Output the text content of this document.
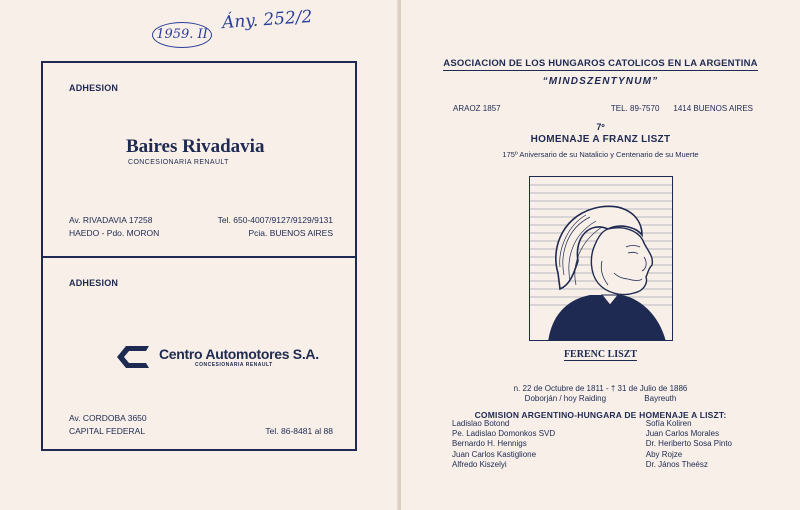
1959. II
Ány. 252/2
ADHESION
Baires Rivadavia
CONCESIONARIA RENAULT
Av. RIVADAVIA 17258	Tel. 650-4007/9127/9129/9131
HAEDO - Pdo. MORON	Pcia. BUENOS AIRES
ADHESION
Centro Automotores S.A.
CONCESIONARIA RENAULT
Av. CORDOBA 3650
CAPITAL FEDERAL	Tel. 86-8481 al 88
ASOCIACION DE LOS HUNGAROS CATOLICOS EN LA ARGENTINA
“MINDSZENTYNUM”
ARAOZ 1857	TEL. 89-7570 1414 BUENOS AIRES
7º
HOMENAJE A FRANZ LISZT
175º Aniversario de su Natalicio y Centenario de su Muerte
FERENC LISZT
n. 22 de Octubre de 1811 - † 31 de Julio de 1886
Doborján / hoy Raiding	Bayreuth
COMISION ARGENTINO-HUNGARA DE HOMENAJE A LISZT:
Ladislao Botond
Pe. Ladislao Domonkos SVD
Bernardo H. Hennigs
Juan Carlos Kastiglione
Alfredo Kiszelyi
Sofía Koliren
Juan Carlos Morales
Dr. Heriberto Sosa Pinto
Aby Rojze
Dr. János Theész
